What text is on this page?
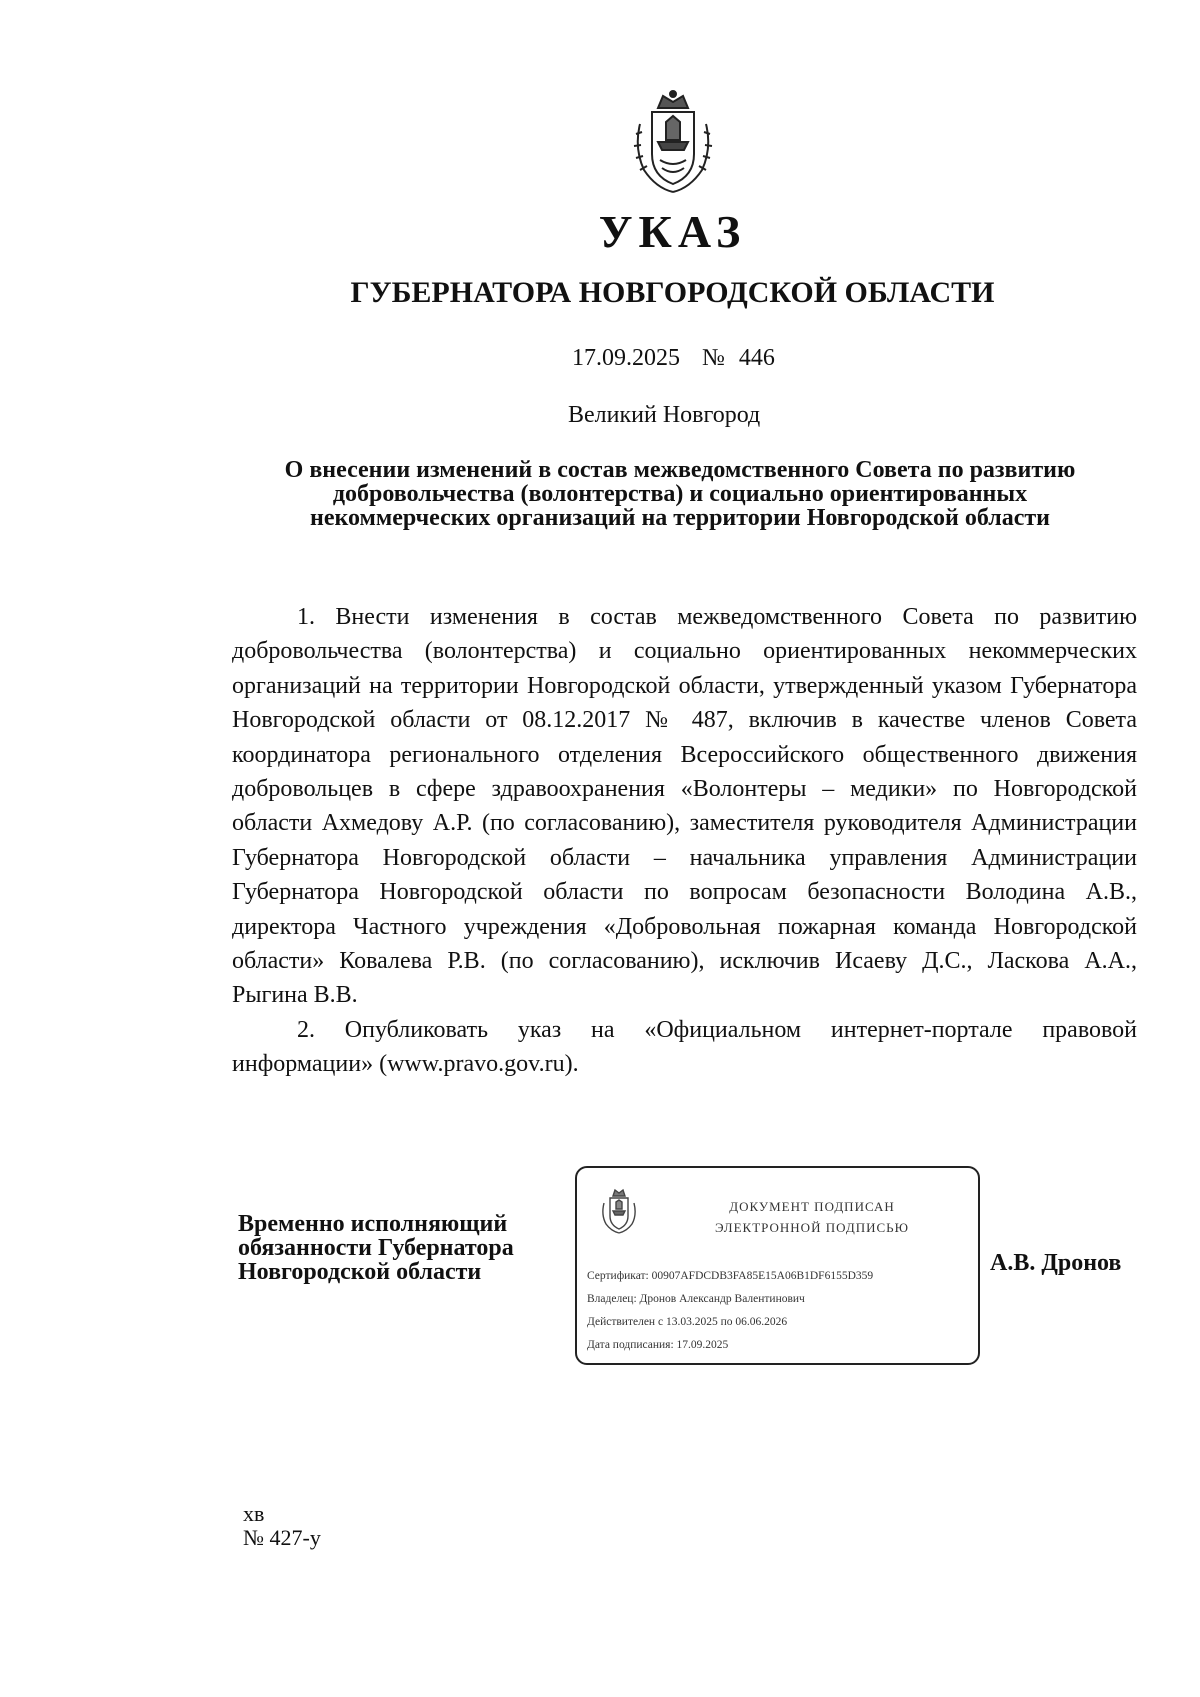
УКАЗ
ГУБЕРНАТОРА НОВГОРОДСКОЙ ОБЛАСТИ
17.09.2025 № 446
Великий Новгород
О внесении изменений в состав межведомственного Совета по развитию
добровольчества (волонтерства) и социально ориентированных
некоммерческих организаций на территории Новгородской области

1. Внести изменения в состав межведомственного Совета по развитию добровольчества (волонтерства) и социально ориентированных некоммерческих организаций на территории Новгородской области, утвержденный указом Губернатора Новгородской области от 08.12.2017 № 487, включив в качестве членов Совета координатора регионального отделения Всероссийского общественного движения добровольцев в сфере здравоохранения «Волонтеры – медики» по Новгородской области Ахмедову А.Р. (по согласованию), заместителя руководителя Администрации Губернатора Новгородской области – начальника управления Администрации Губернатора Новгородской области по вопросам безопасности Володина А.В., директора Частного учреждения «Добровольная пожарная команда Новгородской области» Ковалева Р.В. (по согласованию), исключив Исаеву Д.С., Ласкова А.А., Рыгина В.В.

2. Опубликовать указ на «Официальном интернет-портале правовой информации» (www.pravo.gov.ru).

Временно исполняющий
обязанности Губернатора
Новгородской области
ДОКУМЕНТ ПОДПИСАН
ЭЛЕКТРОННОЙ ПОДПИСЬЮ
Сертификат: 00907AFDCDB3FA85E15A06B1DF6155D359
Владелец: Дронов Александр Валентинович
Действителен с 13.03.2025 по 06.06.2026
Дата подписания: 17.09.2025
А.В. Дронов
хв
№ 427-у
